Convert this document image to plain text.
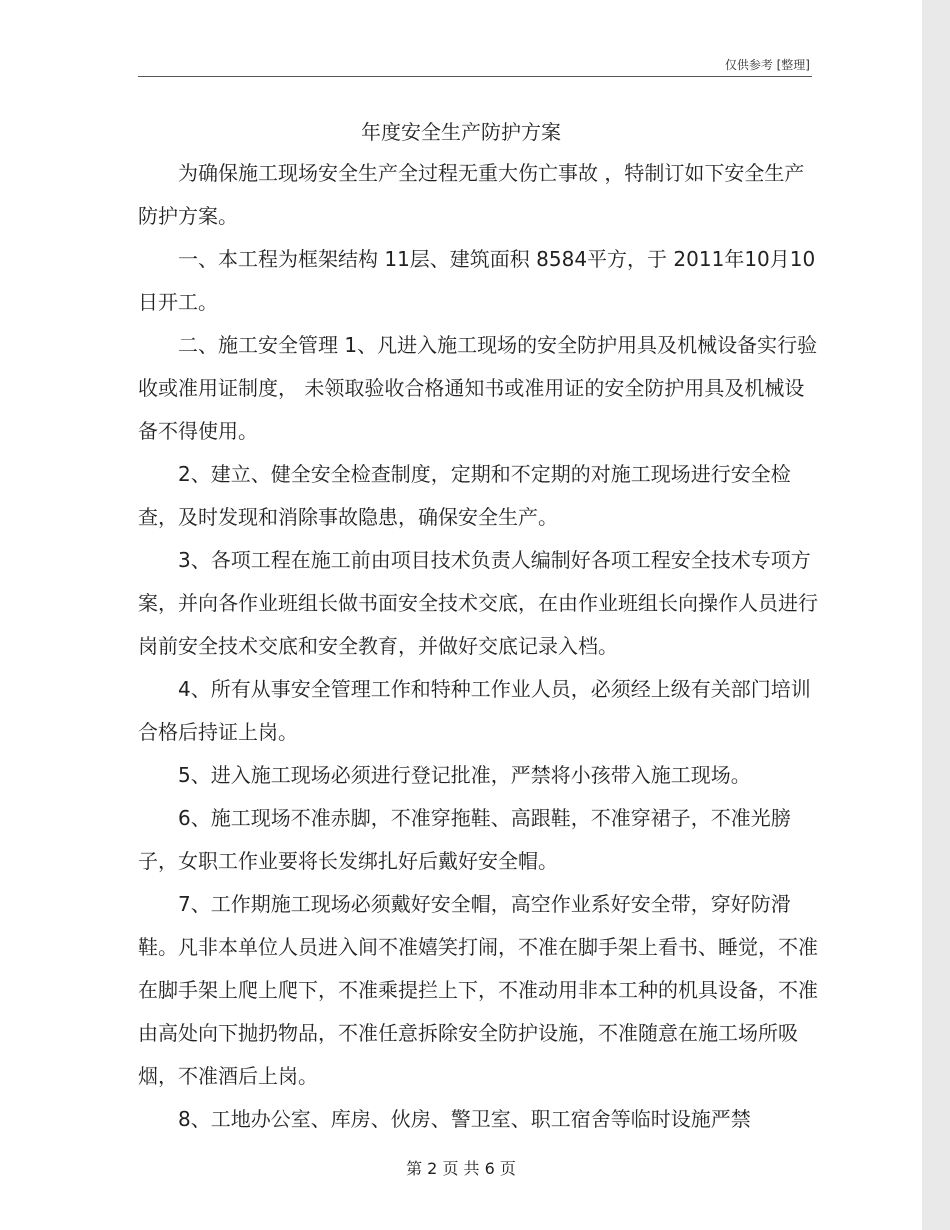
仅供参考 [整理]
年度安全生产防护方案

为确保施工现场安全生产全过程无重大伤亡事故 ，特制订如下安全生产防护方案。

一、本工程为框架结构 11层、建筑面积 8584平方，于 2011年10月10日开工。

二、施工安全管理 1、凡进入施工现场的安全防护用具及机械设备实行验收或准用证制度， 未领取验收合格通知书或准用证的安全防护用具及机械设备不得使用。

2、建立、健全安全检查制度，定期和不定期的对施工现场进行安全检查，及时发现和消除事故隐患，确保安全生产。

3、各项工程在施工前由项目技术负责人编制好各项工程安全技术专项方案，并向各作业班组长做书面安全技术交底，在由作业班组长向操作人员进行岗前安全技术交底和安全教育，并做好交底记录入档。

4、所有从事安全管理工作和特种工作业人员，必须经上级有关部门培训合格后持证上岗。

5、进入施工现场必须进行登记批准，严禁将小孩带入施工现场。

6、施工现场不准赤脚，不准穿拖鞋、高跟鞋，不准穿裙子，不准光膀子，女职工作业要将长发绑扎好后戴好安全帽。

7、工作期施工现场必须戴好安全帽，高空作业系好安全带，穿好防滑鞋。凡非本单位人员进入间不准嬉笑打闹，不准在脚手架上看书、睡觉，不准在脚手架上爬上爬下，不准乘提拦上下，不准动用非本工种的机具设备，不准由高处向下抛扔物品，不准任意拆除安全防护设施，不准随意在施工场所吸烟，不准酒后上岗。

8、工地办公室、库房、伙房、警卫室、职工宿舍等临时设施严禁

第 2 页 共 6 页
